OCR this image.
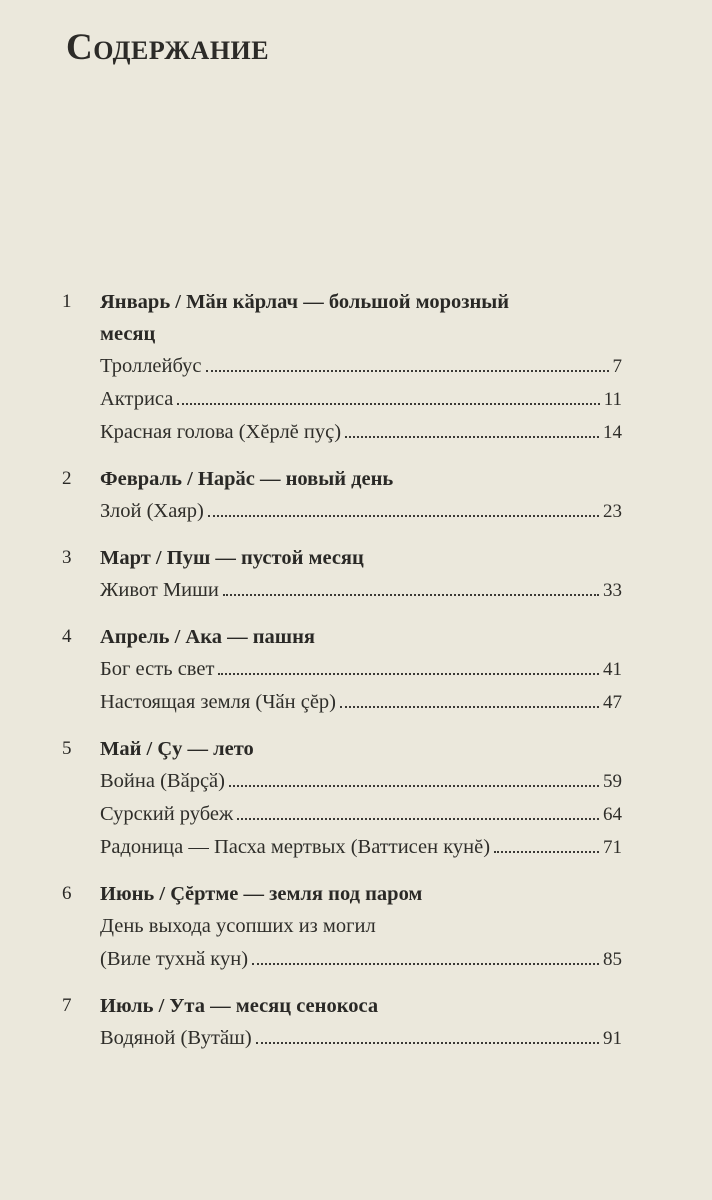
Содержание
1 Январь / Мӑн кӑрлач — большой морозный месяц
Троллейбус	7
Актриса	11
Красная голова (Хĕрлĕ пуç)	14
2 Февраль / Нарӑс — новый день
Злой (Хаяр)	23
3 Март / Пуш — пустой месяц
Живот Миши	33
4 Апрель / Ака — пашня
Бог есть свет	41
Настоящая земля (Чӑн çĕр)	47
5 Май / Çу — лето
Война (Вӑрçӑ)	59
Сурский рубеж	64
Радоница — Пасха мертвых (Ваттисен кунĕ)	71
6 Июнь / Çĕртме — земля под паром
День выхода усопших из могил
(Виле тухнӑ кун)	85
7 Июль / Ута — месяц сенокоса
Водяной (Вутӑш)	91
